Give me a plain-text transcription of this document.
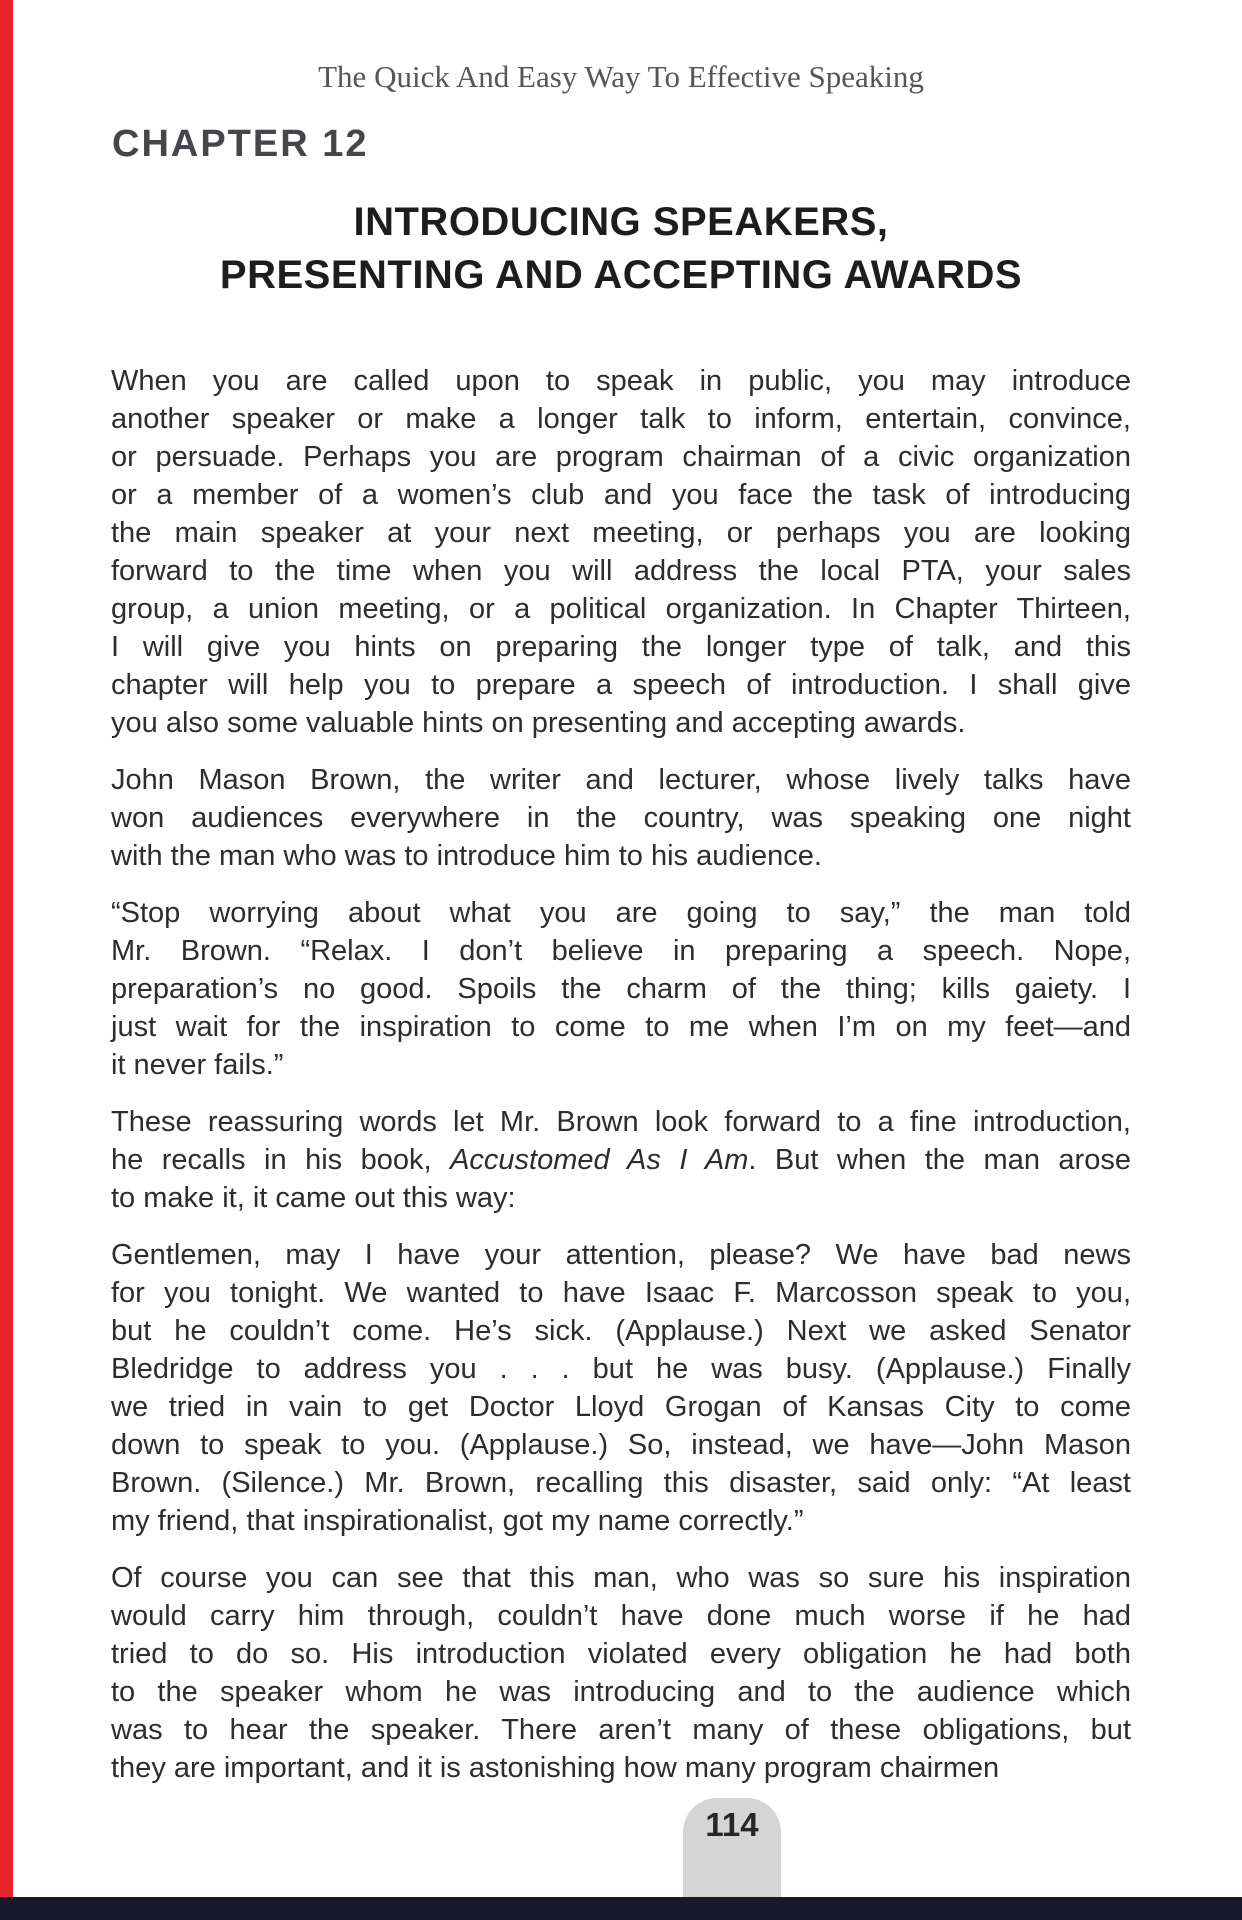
The Quick And Easy Way To Effective Speaking
CHAPTER 12
INTRODUCING SPEAKERS,
PRESENTING AND ACCEPTING AWARDS

When you are called upon to speak in public, you may introduce
another speaker or make a longer talk to inform, entertain, convince,
or persuade. Perhaps you are program chairman of a civic organization
or a member of a women’s club and you face the task of introducing
the main speaker at your next meeting, or perhaps you are looking
forward to the time when you will address the local PTA, your sales
group, a union meeting, or a political organization. In Chapter Thirteen,
I will give you hints on preparing the longer type of talk, and this
chapter will help you to prepare a speech of introduction. I shall give
you also some valuable hints on presenting and accepting awards.

John Mason Brown, the writer and lecturer, whose lively talks have
won audiences everywhere in the country, was speaking one night
with the man who was to introduce him to his audience.

“Stop worrying about what you are going to say,” the man told
Mr. Brown. “Relax. I don’t believe in preparing a speech. Nope,
preparation’s no good. Spoils the charm of the thing; kills gaiety. I
just wait for the inspiration to come to me when I’m on my feet—and
it never fails.”

These reassuring words let Mr. Brown look forward to a fine introduction,
he recalls in his book, Accustomed As I Am. But when the man arose
to make it, it came out this way:

Gentlemen, may I have your attention, please? We have bad news
for you tonight. We wanted to have Isaac F. Marcosson speak to you,
but he couldn’t come. He’s sick. (Applause.) Next we asked Senator
Bledridge to address you . . . but he was busy. (Applause.) Finally
we tried in vain to get Doctor Lloyd Grogan of Kansas City to come
down to speak to you. (Applause.) So, instead, we have—John Mason
Brown. (Silence.) Mr. Brown, recalling this disaster, said only: “At least
my friend, that inspirationalist, got my name correctly.”

Of course you can see that this man, who was so sure his inspiration
would carry him through, couldn’t have done much worse if he had
tried to do so. His introduction violated every obligation he had both
to the speaker whom he was introducing and to the audience which
was to hear the speaker. There aren’t many of these obligations, but
they are important, and it is astonishing how many program chairmen

114
